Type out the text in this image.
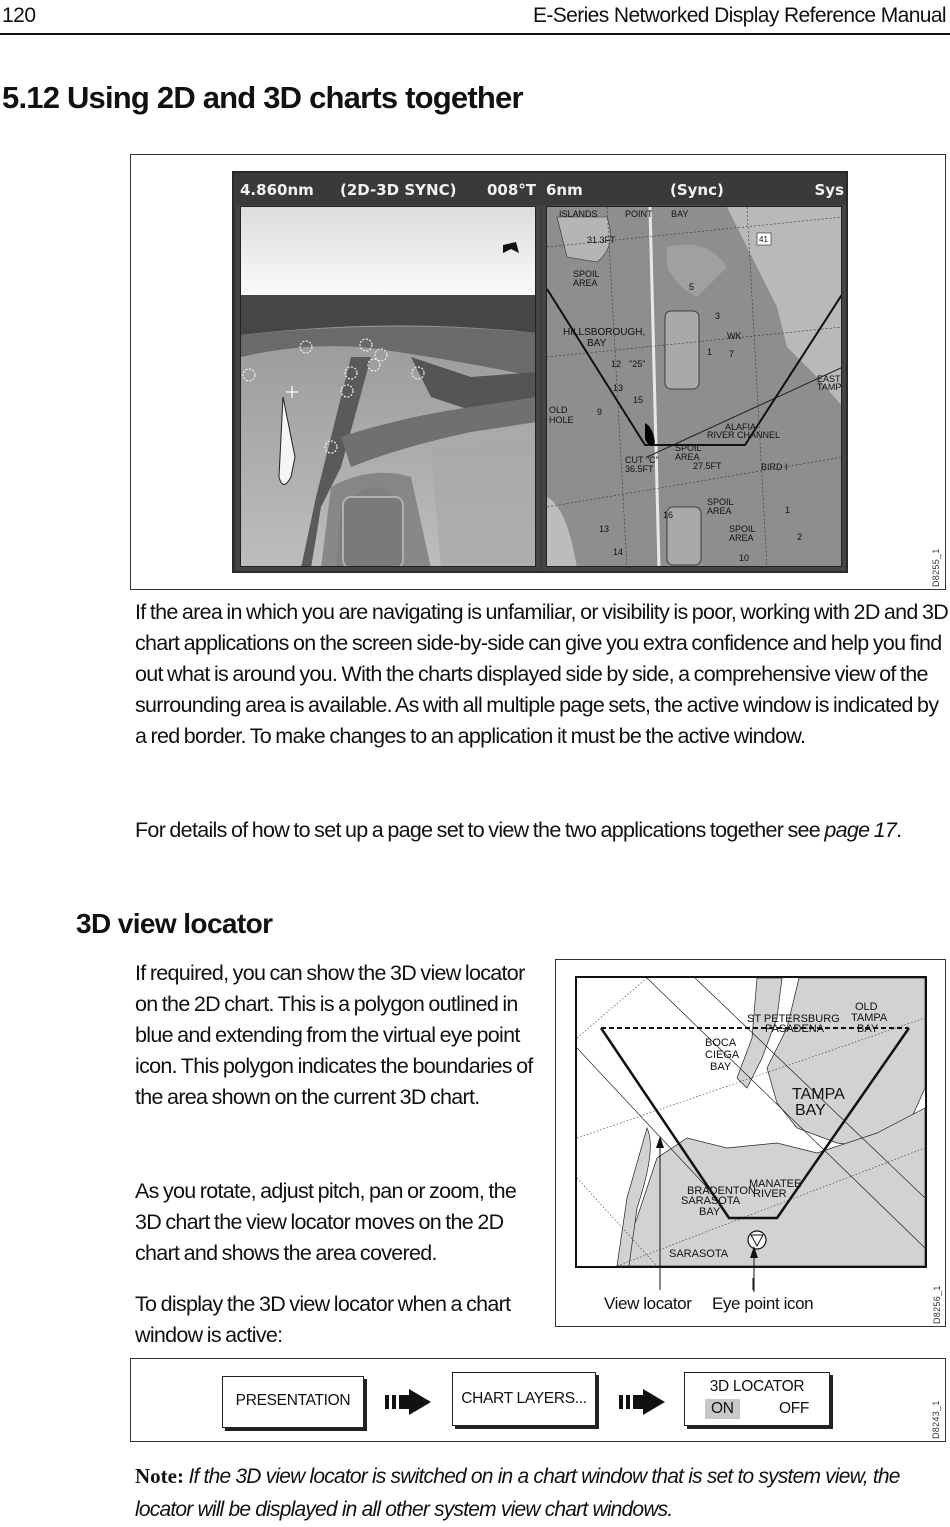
120	E-Series Networked Display Reference Manual
5.12 Using 2D and 3D charts together
D8255_1
4.860nm (2D-3D SYNC) 008°T 6nm	(Sync)	Sys
ISLANDS	POINT BAY
31.3FT
SPOIL
AREA
HILLSBOROUGH,
BAY
WK
"25"
12
13
15
9
OLD
HOLE
ALAFIA
RIVER CHANNEL
SPOIL
AREA
CUT "C"
36.5FT	27.5FT	BIRD I
EAST
TAMP
SPOIL
AREA
SPOIL
AREA
16
13
14
10
2
1
5
3
1 7
41
If the area in which you are navigating is unfamiliar, or visibility is poor, working with 2D and 3D chart applications on the screen side-by-side can give you extra confidence and help you find out what is around you. With the charts displayed side by side, a comprehensive view of the surrounding area is available. As with all multiple page sets, the active window is indicated by a red border. To make changes to an application it must be the active window.
For details of how to set up a page set to view the two applications together see page 17.
3D view locator
If required, you can show the 3D view locator on the 2D chart. This is a polygon outlined in blue and extending from the virtual eye point icon. This polygon indicates the boundaries of the area shown on the current 3D chart.
As you rotate, adjust pitch, pan or zoom, the 3D chart the view locator moves on the 2D chart and shows the area covered.
To display the 3D view locator when a chart window is active:
D8256_1
ST PETERSBURG
PASADENA
OLD
TAMPA
BAY
BOCA
CIEGA
BAY
TAMPA
BAY
BRADENTON
MANATEE
RIVER
SARASOTA
BAY
SARASOTA
View locator Eye point icon
D8243_1
PRESENTATION	CHART LAYERS...
3D LOCATOR
ON	OFF
Note: If the 3D view locator is switched on in a chart window that is set to system view, the locator will be displayed in all other system view chart windows.
